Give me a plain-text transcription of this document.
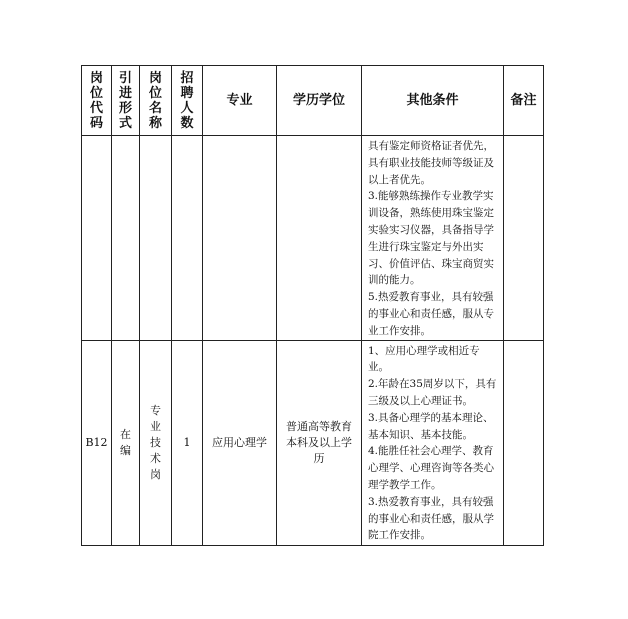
岗位代码	引进形式	岗位名称	招聘人数	专业	学历学位	其他条件	备注

						具有鉴定师资格证者优先，具有职业技能技师等级证及以上者优先。
3.能够熟练操作专业教学实训设备，熟练使用珠宝鉴定实验实习仪器，具备指导学生进行珠宝鉴定与外出实习、价值评估、珠宝商贸实训的能力。
5.热爱教育事业，具有较强的事业心和责任感，服从专业工作安排。	

B12	在编	专业技术岗	1	应用心理学	普通高等教育本科及以上学历	1、应用心理学或相近专业。
2.年龄在35周岁以下，具有三级及以上心理证书。
3.具备心理学的基本理论、基本知识、基本技能。
4.能胜任社会心理学、教育心理学、心理咨询等各类心理学教学工作。
3.热爱教育事业，具有较强的事业心和责任感，服从学院工作安排。	
